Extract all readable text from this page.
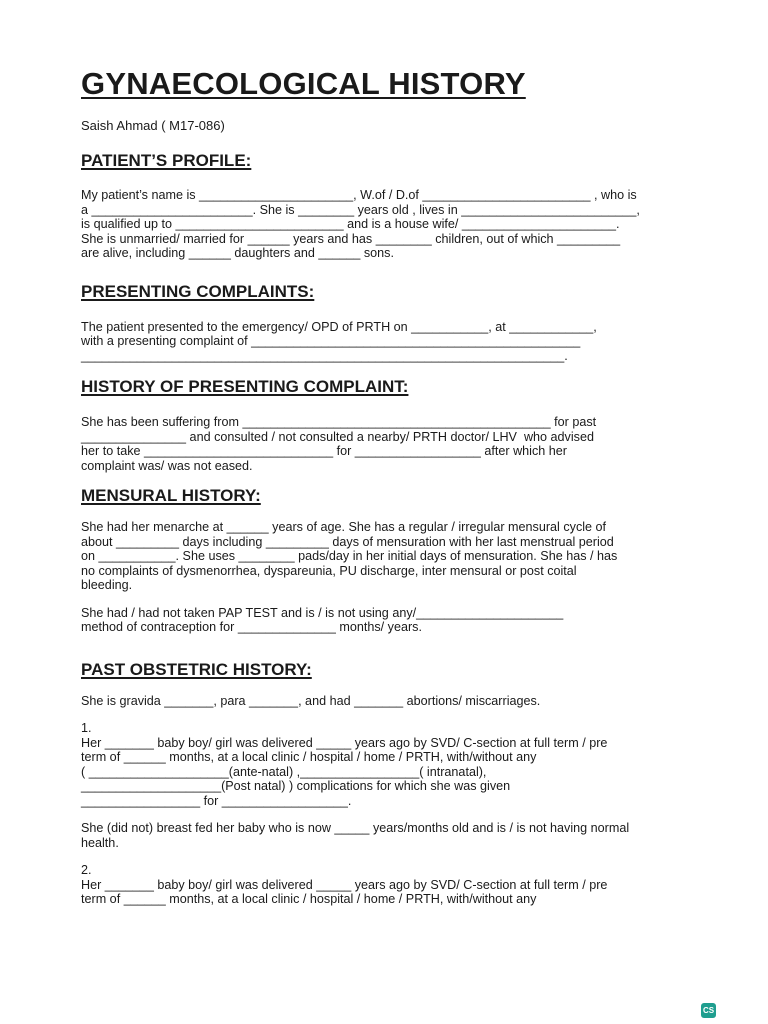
GYNAECOLOGICAL HISTORY
Saish Ahmad ( M17-086)
PATIENT’S PROFILE:

My patient’s name is ______________________, W.of / D.of ________________________ , who is

a _______________________. She is ________ years old , lives in _________________________,

is qualified up to ________________________ and is a house wife/ ______________________.

She is unmarried/ married for ______ years and has ________ children, out of which _________

are alive, including ______ daughters and ______ sons.

PRESENTING COMPLAINTS:

The patient presented to the emergency/ OPD of PRTH on ___________, at ____________,

with a presenting complaint of _______________________________________________

_____________________________________________________________________.

HISTORY OF PRESENTING COMPLAINT:

She has been suffering from ____________________________________________ for past

_______________ and consulted / not consulted a nearby/ PRTH doctor/ LHV  who advised

her to take ___________________________ for __________________ after which her

complaint was/ was not eased.

MENSURAL HISTORY:

She had her menarche at ______ years of age. She has a regular / irregular mensural cycle of

about _________ days including _________ days of mensuration with her last menstrual period

on ___________. She uses ________ pads/day in her initial days of mensuration. She has / has

no complaints of dysmenorrhea, dyspareunia, PU discharge, inter mensural or post coital

bleeding.

She had / had not taken PAP TEST and is / is not using any/_____________________

method of contraception for ______________ months/ years.

PAST OBSTETRIC HISTORY:

She is gravida _______, para _______, and had _______ abortions/ miscarriages.

1.

Her _______ baby boy/ girl was delivered _____ years ago by SVD/ C-section at full term / pre

term of ______ months, at a local clinic / hospital / home / PRTH, with/without any

( ____________________(ante-natal) ,_________________( intranatal),

____________________(Post natal) ) complications for which she was given

_________________ for __________________.

She (did not) breast fed her baby who is now _____ years/months old and is / is not having normal

health.

2.

Her _______ baby boy/ girl was delivered _____ years ago by SVD/ C-section at full term / pre

term of ______ months, at a local clinic / hospital / home / PRTH, with/without any

CS
